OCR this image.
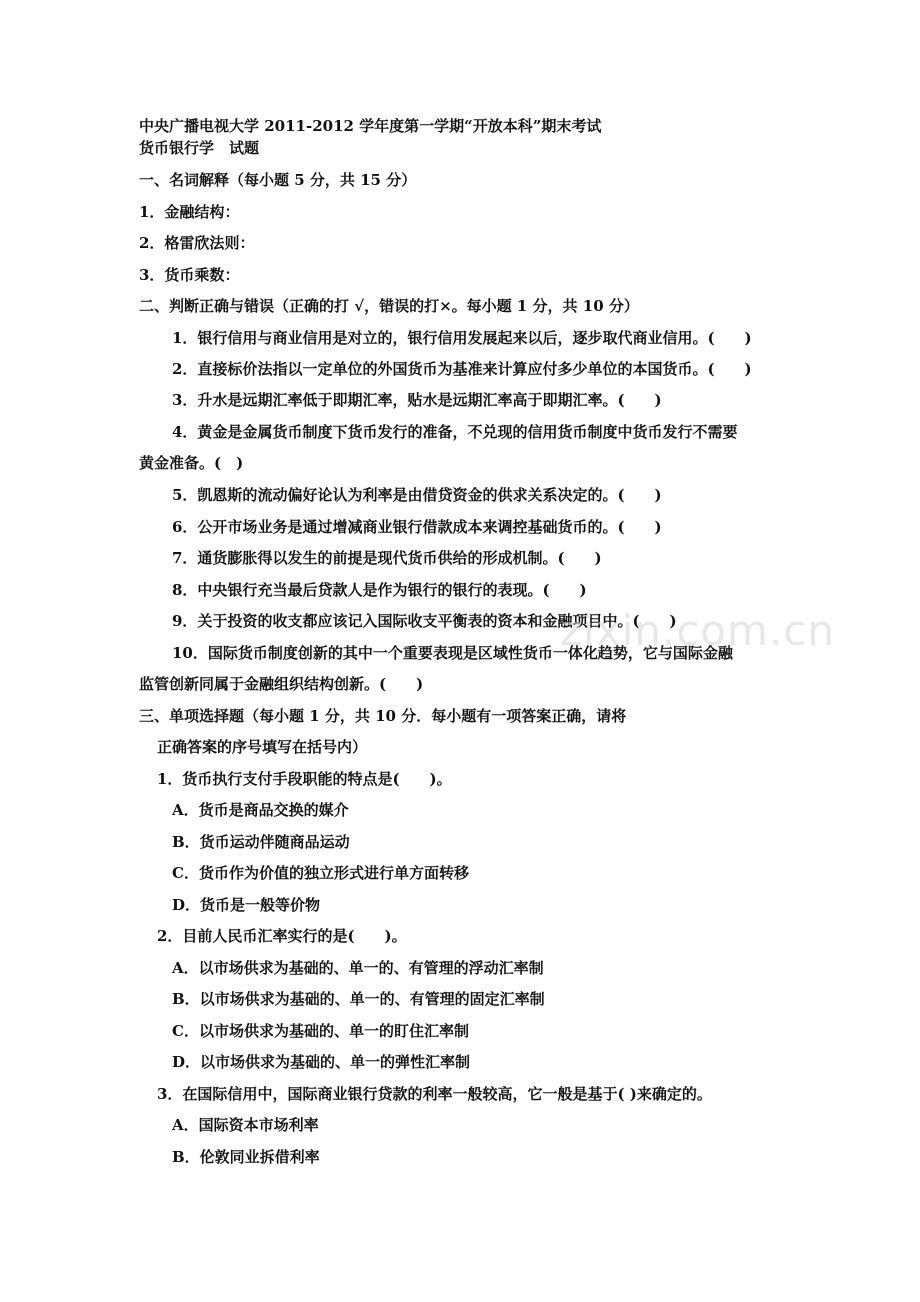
中央广播电视大学 2011-2012 学年度第一学期“开放本科”期末考试
货币银行学　试题
一、名词解释（每小题 5 分，共 15 分）
1．金融结构：
2．格雷欣法则：
3．货币乘数：
二、判断正确与错误（正确的打 √，错误的打×。每小题 1 分，共 10 分）
1．银行信用与商业信用是对立的，银行信用发展起来以后，逐步取代商业信用。(　　)
2．直接标价法指以一定单位的外国货币为基准来计算应付多少单位的本国货币。(　　)
3．升水是远期汇率低于即期汇率，贴水是远期汇率高于即期汇率。(　　)
4．黄金是金属货币制度下货币发行的准备，不兑现的信用货币制度中货币发行不需要
黄金准备。(　)
5．凯恩斯的流动偏好论认为利率是由借贷资金的供求关系决定的。(　　)
6．公开市场业务是通过增减商业银行借款成本来调控基础货币的。(　　)
7．通货膨胀得以发生的前提是现代货币供给的形成机制。(　　)
8．中央银行充当最后贷款人是作为银行的银行的表现。(　　)
9．关于投资的收支都应该记入国际收支平衡表的资本和金融项目中。(　　)
10．国际货币制度创新的其中一个重要表现是区域性货币一体化趋势，它与国际金融
监管创新同属于金融组织结构创新。(　　)
三、单项选择题（每小题 1 分，共 10 分．每小题有一项答案正确，请将
正确答案的序号填写在括号内）
1．货币执行支付手段职能的特点是(　　)。
A．货币是商品交换的媒介
B．货币运动伴随商品运动
C．货币作为价值的独立形式进行单方面转移
D．货币是一般等价物
2．目前人民币汇率实行的是(　　)。
A．以市场供求为基础的、单一的、有管理的浮动汇率制
B．以市场供求为基础的、单一的、有管理的固定汇率制
C．以市场供求为基础的、单一的盯住汇率制
D．以市场供求为基础的、单一的弹性汇率制
3．在国际信用中，国际商业银行贷款的利率一般较高，它一般是基于( )来确定的。
A．国际资本市场利率
B．伦敦同业拆借利率
zixin.com.cn
